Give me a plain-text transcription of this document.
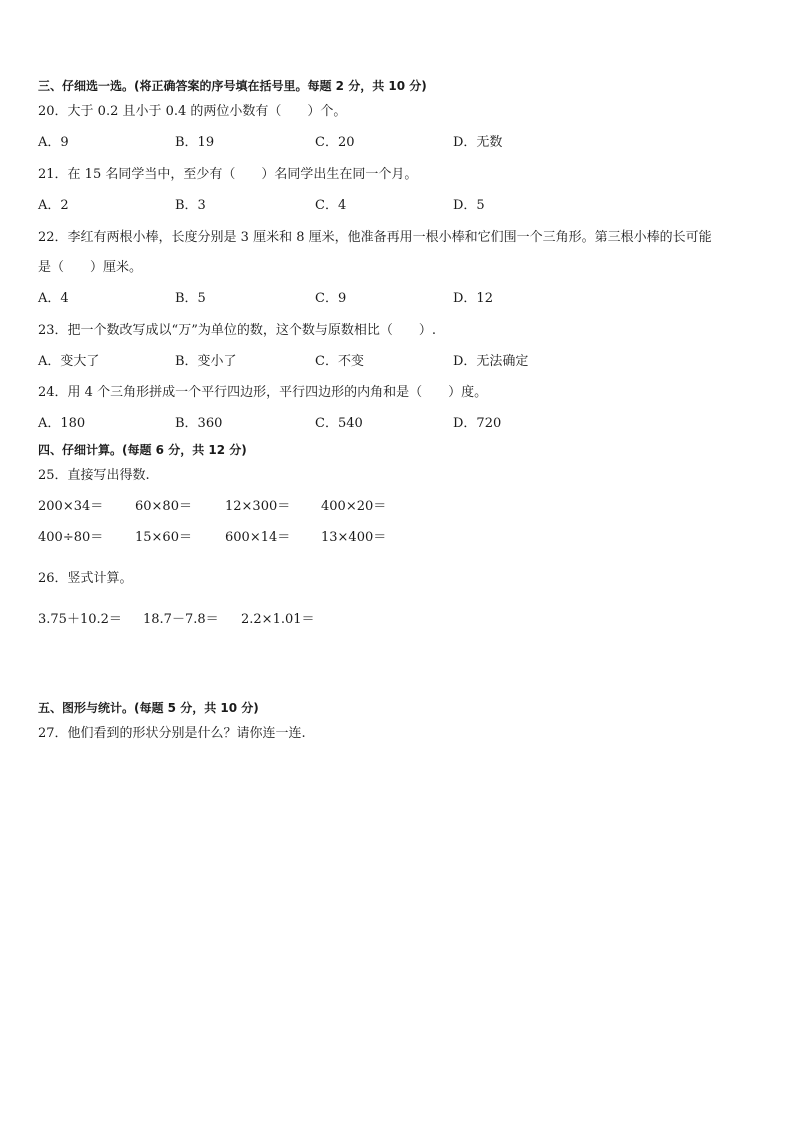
三、仔细选一选。(将正确答案的序号填在括号里。每题 2 分，共 10 分)
20．大于 0.2 且小于 0.4 的两位小数有（　　）个。
A．9	B．19	C．20	D．无数
21．在 15 名同学当中，至少有（　　）名同学出生在同一个月。
A．2	B．3	C．4	D．5
22．李红有两根小棒，长度分别是 3 厘米和 8 厘米，他准备再用一根小棒和它们围一个三角形。第三根小棒的长可能
是（　　）厘米。
A．4	B．5	C．9	D．12
23．把一个数改写成以“万”为单位的数，这个数与原数相比（　　）.
A．变大了	B．变小了	C．不变	D．无法确定
24．用 4 个三角形拼成一个平行四边形，平行四边形的内角和是（　　）度。
A．180	B．360	C．540	D．720
四、仔细计算。(每题 6 分，共 12 分)
25．直接写出得数.
200×34＝ 60×80＝	12×300＝ 400×20＝
400÷80＝ 15×60＝	600×14＝ 13×400＝
26．竖式计算。
3.75＋10.2＝ 18.7－7.8＝ 2.2×1.01＝
五、图形与统计。(每题 5 分，共 10 分)
27．他们看到的形状分别是什么？请你连一连.
